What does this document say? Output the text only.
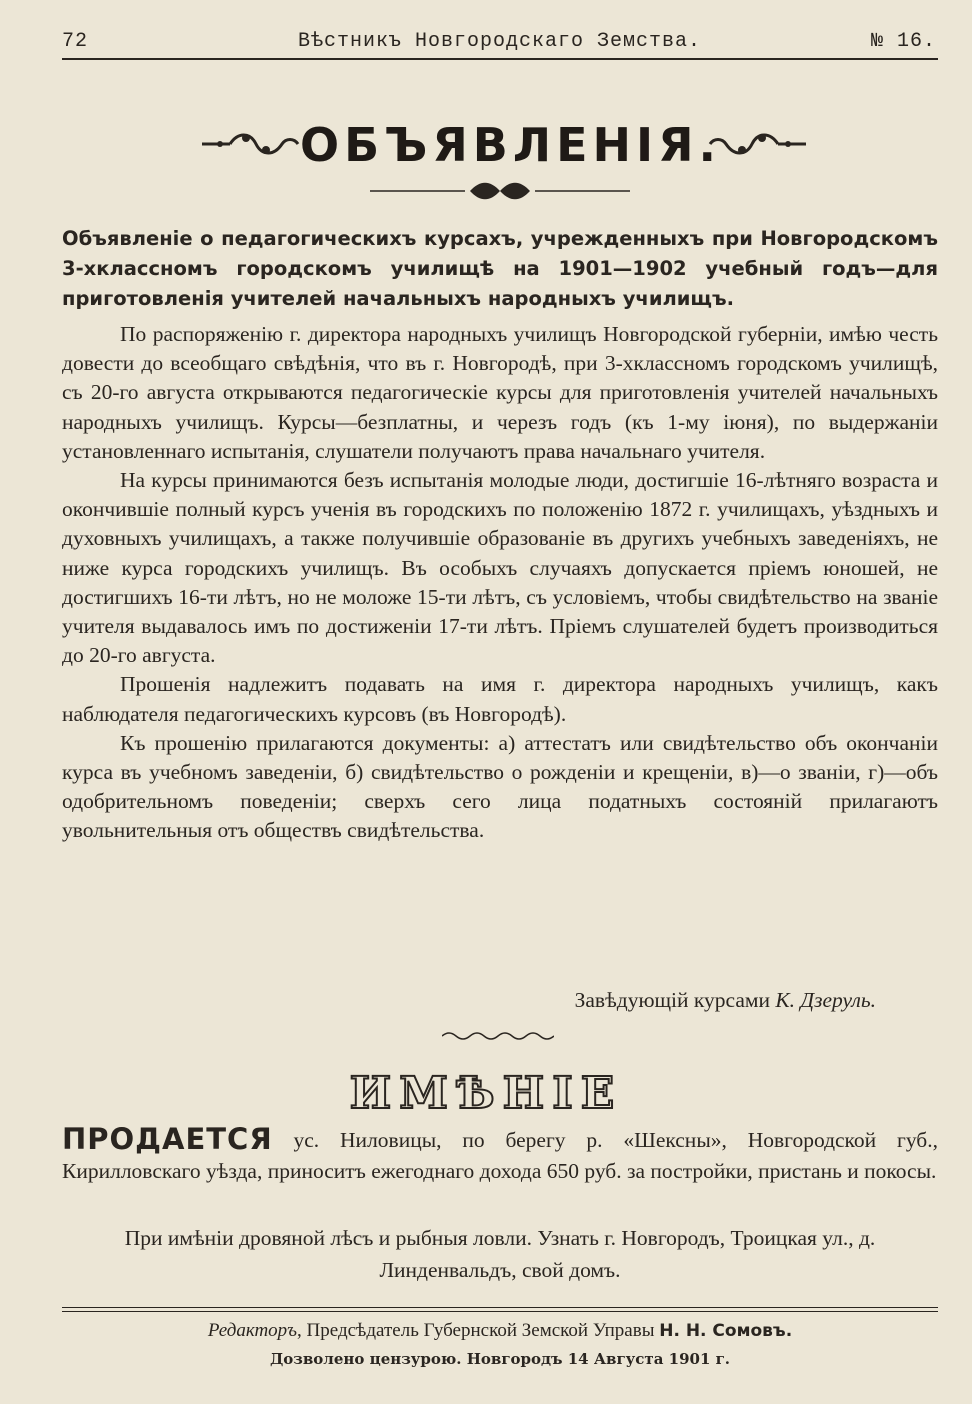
72	Вѣстникъ Новгородскаго Земства.	№ 16.
ОБЪЯВЛЕНІЯ.
Объявленіе о педагогическихъ курсахъ, учрежденныхъ при Новгородскомъ 3-хклассномъ городскомъ училищѣ на 1901—1902 учебный годъ—для приготовленія учителей начальныхъ народныхъ училищъ.

По распоряженію г. директора народныхъ училищъ Новгородской губерніи, имѣю честь довести до всеобщаго свѣдѣнія, что въ г. Новгородѣ, при 3-хклассномъ городскомъ училищѣ, съ 20-го августа открываются педагогическіе курсы для приготовленія учителей начальныхъ народныхъ училищъ. Курсы—безплатны, и черезъ годъ (къ 1-му іюня), по выдержаніи установленнаго испытанія, слушатели получаютъ права начальнаго учителя.

На курсы принимаются безъ испытанія молодые люди, достигшіе 16-лѣтняго возраста и окончившіе полный курсъ ученія въ городскихъ по положенію 1872 г. училищахъ, уѣздныхъ и духовныхъ училищахъ, а также получившіе образованіе въ другихъ учебныхъ заведеніяхъ, не ниже курса городскихъ училищъ. Въ особыхъ случаяхъ допускается пріемъ юношей, не достигшихъ 16-ти лѣтъ, но не моложе 15-ти лѣтъ, съ условіемъ, чтобы свидѣтельство на званіе учителя выдавалось имъ по достиженіи 17-ти лѣтъ. Пріемъ слушателей будетъ производиться до 20-го августа.

Прошенія надлежитъ подавать на имя г. директора народныхъ училищъ, какъ наблюдателя педагогическихъ курсовъ (въ Новгородѣ).

Къ прошенію прилагаются документы: а) аттестатъ или свидѣтельство объ окончаніи курса въ учебномъ заведеніи, б) свидѣтельство о рожденіи и крещеніи, в)—о званіи, г)—объ одобрительномъ поведеніи; сверхъ сего лица податныхъ состояній прилагаютъ увольнительныя отъ обществъ свидѣтельства.

Завѣдующій курсами К. Дзеруль.
ИМѢНІЕ
ПРОДАЕТСЯ ус. Ниловицы, по берегу р. «Шексны», Новгородской губ., Кирилловскаго уѣзда, приноситъ ежегоднаго дохода 650 руб. за постройки, пристань и покосы.
При имѣніи дровяной лѣсъ и рыбныя ловли. Узнать г. Новгородъ, Троицкая ул., д. Линденвальдъ, свой домъ.
Редакторъ, Предсѣдатель Губернской Земской Управы Н. Н. Сомовъ.
Дозволено цензурою. Новгородъ 14 Августа 1901 г.
